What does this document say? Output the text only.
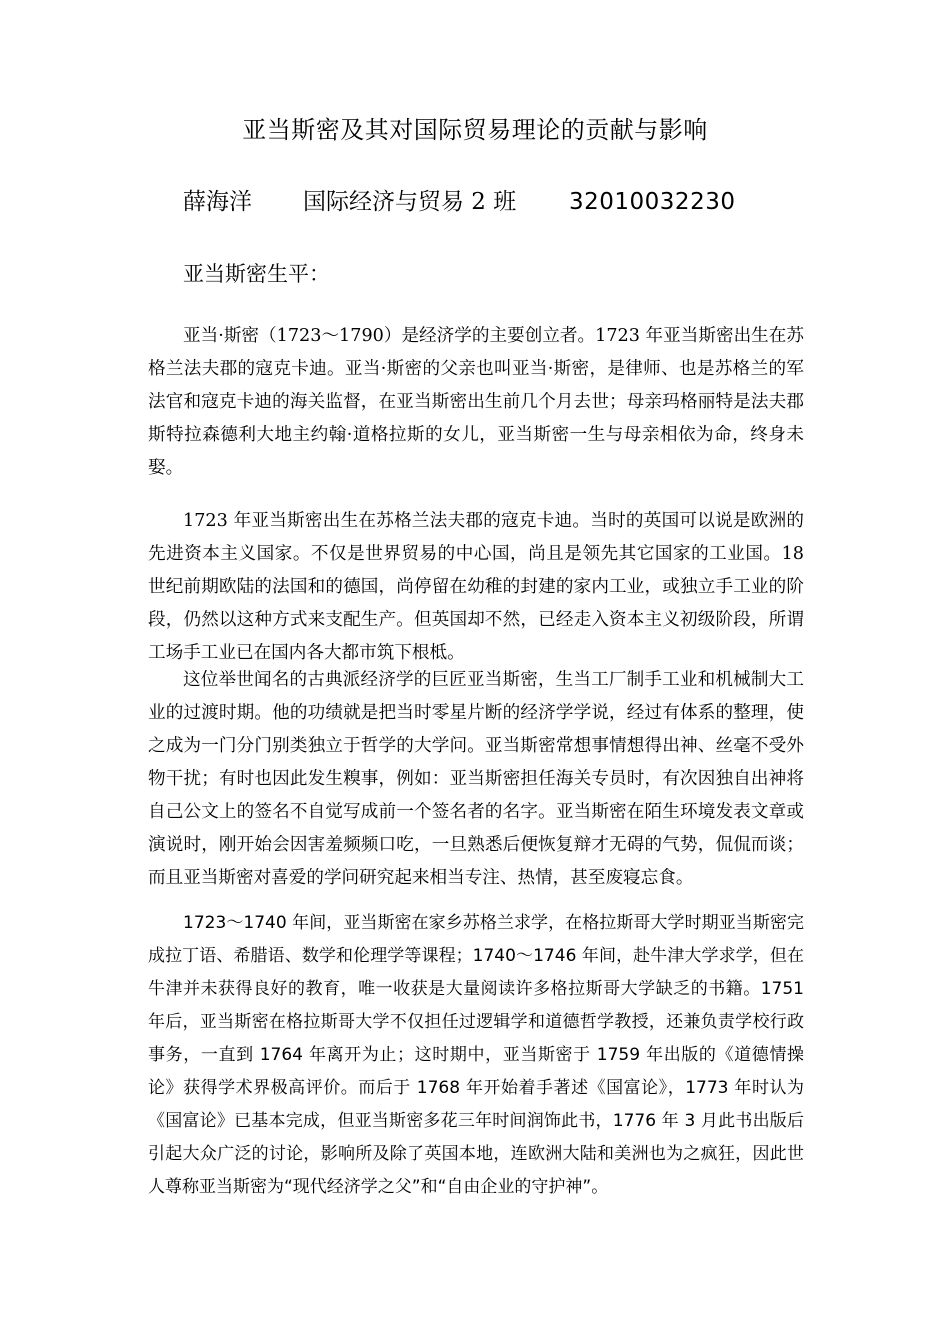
亚当斯密及其对国际贸易理论的贡献与影响
薛海洋 国际经济与贸易 2 班 32010032230
亚当斯密生平：

亚当·斯密（1723～1790）是经济学的主要创立者。1723 年亚当斯密出生在苏格兰法夫郡的寇克卡迪。亚当·斯密的父亲也叫亚当·斯密，是律师、也是苏格兰的军法官和寇克卡迪的海关监督，在亚当斯密出生前几个月去世；母亲玛格丽特是法夫郡斯特拉森德利大地主约翰·道格拉斯的女儿，亚当斯密一生与母亲相依为命，终身未娶。

1723 年亚当斯密出生在苏格兰法夫郡的寇克卡迪。当时的英国可以说是欧洲的先进资本主义国家。不仅是世界贸易的中心国，尚且是领先其它国家的工业国。18 世纪前期欧陆的法国和的德国，尚停留在幼稚的封建的家内工业，或独立手工业的阶段，仍然以这种方式来支配生产。但英国却不然，已经走入资本主义初级阶段，所谓工场手工业已在国内各大都市筑下根柢。

这位举世闻名的古典派经济学的巨匠亚当斯密，生当工厂制手工业和机械制大工业的过渡时期。他的功绩就是把当时零星片断的经济学学说，经过有体系的整理，使之成为一门分门别类独立于哲学的大学问。亚当斯密常想事情想得出神、丝毫不受外物干扰；有时也因此发生糗事，例如：亚当斯密担任海关专员时，有次因独自出神将自己公文上的签名不自觉写成前一个签名者的名字。亚当斯密在陌生环境发表文章或演说时，刚开始会因害羞频频口吃，一旦熟悉后便恢复辩才无碍的气势，侃侃而谈；而且亚当斯密对喜爱的学问研究起来相当专注、热情，甚至废寝忘食。

1723～1740 年间，亚当斯密在家乡苏格兰求学，在格拉斯哥大学时期亚当斯密完成拉丁语、希腊语、数学和伦理学等课程；1740～1746 年间，赴牛津大学求学，但在牛津并未获得良好的教育，唯一收获是大量阅读许多格拉斯哥大学缺乏的书籍。1751 年后，亚当斯密在格拉斯哥大学不仅担任过逻辑学和道德哲学教授，还兼负责学校行政事务，一直到 1764 年离开为止；这时期中，亚当斯密于 1759 年出版的《道德情操论》获得学术界极高评价。而后于 1768 年开始着手著述《国富论》，1773 年时认为《国富论》已基本完成，但亚当斯密多花三年时间润饰此书，1776 年 3 月此书出版后引起大众广泛的讨论，影响所及除了英国本地，连欧洲大陆和美洲也为之疯狂，因此世人尊称亚当斯密为“现代经济学之父”和“自由企业的守护神”。
